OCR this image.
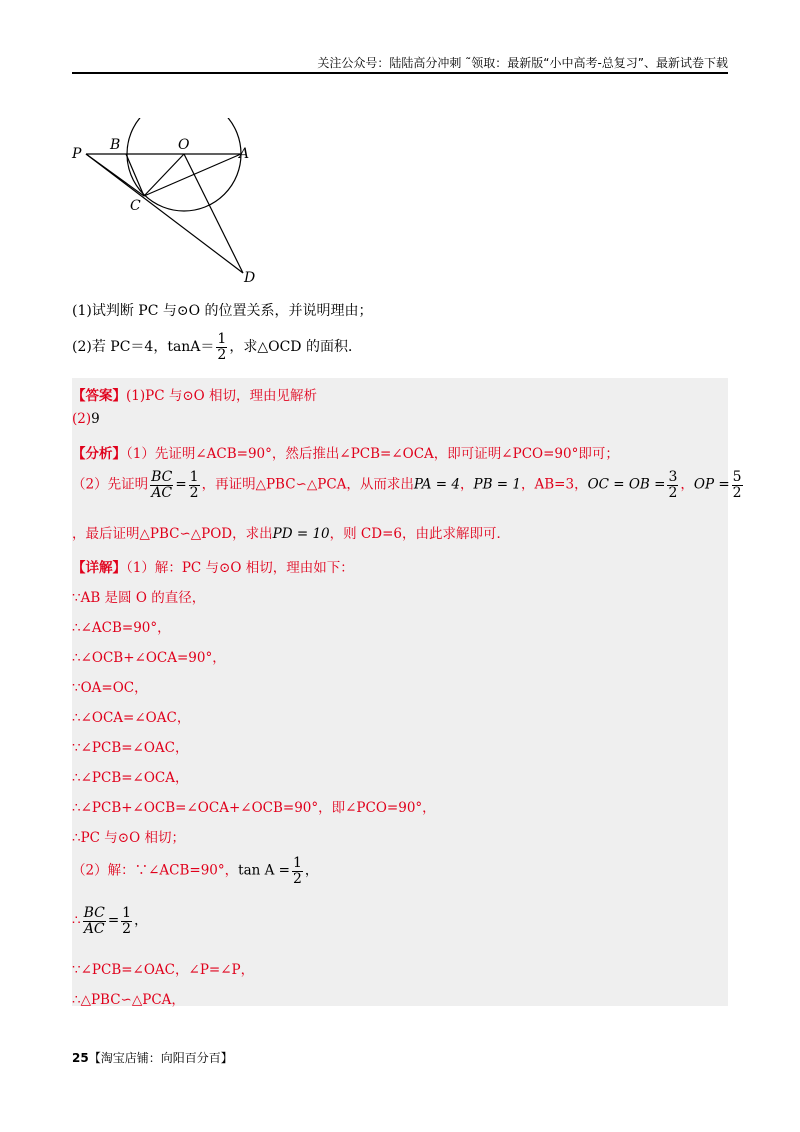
关注公众号：陆陆高分冲刺 ˜领取：最新版“小中高考-总复习”、最新试卷下载
P
B	O
A
C
D
(1)试判断 PC 与⊙O 的位置关系，并说明理由；
(2)若 PC＝4，$\tan A= \frac{1}{2}$ ，求△OCD 的面积．
【答案】(1)PC 与⊙O 相切，理由见解析
(2)9
【分析】（1）先证明∠ACB=90°，然后推出∠PCB=∠OCA，即可证明∠PCO=90°即可；
（2）先证明 $\frac{BC}{AC} = \frac{1}{2}$ ，再证明△PBC∽△PCA，从而求出PA = 4，PB = 1，AB=3，OC = OB = $\frac{3}{2}$ ，OP = $\frac{5}{2}$
，最后证明△PBC∽△POD，求出PD = 10，则 CD=6，由此求解即可．
【详解】（1）解：PC 与⊙O 相切，理由如下：
∵AB 是圆 O 的直径，
∴∠ACB=90°，
∴∠OCB+∠OCA=90°，
∵OA=OC，
∴∠OCA=∠OAC，
∵∠PCB=∠OAC，
∴∠PCB=∠OCA，
∴∠PCB+∠OCB=∠OCA+∠OCB=90°，即∠PCO=90°，
∴PC 与⊙O 相切；
（2）解：∵∠ACB=90°，$\tan A = \frac{1}{2}$ ，
∴ $\frac{BC}{AC} = \frac{1}{2}$ ，
∵∠PCB=∠OAC，∠P=∠P，
∴△PBC∽△PCA，
25【淘宝店铺：向阳百分百】
